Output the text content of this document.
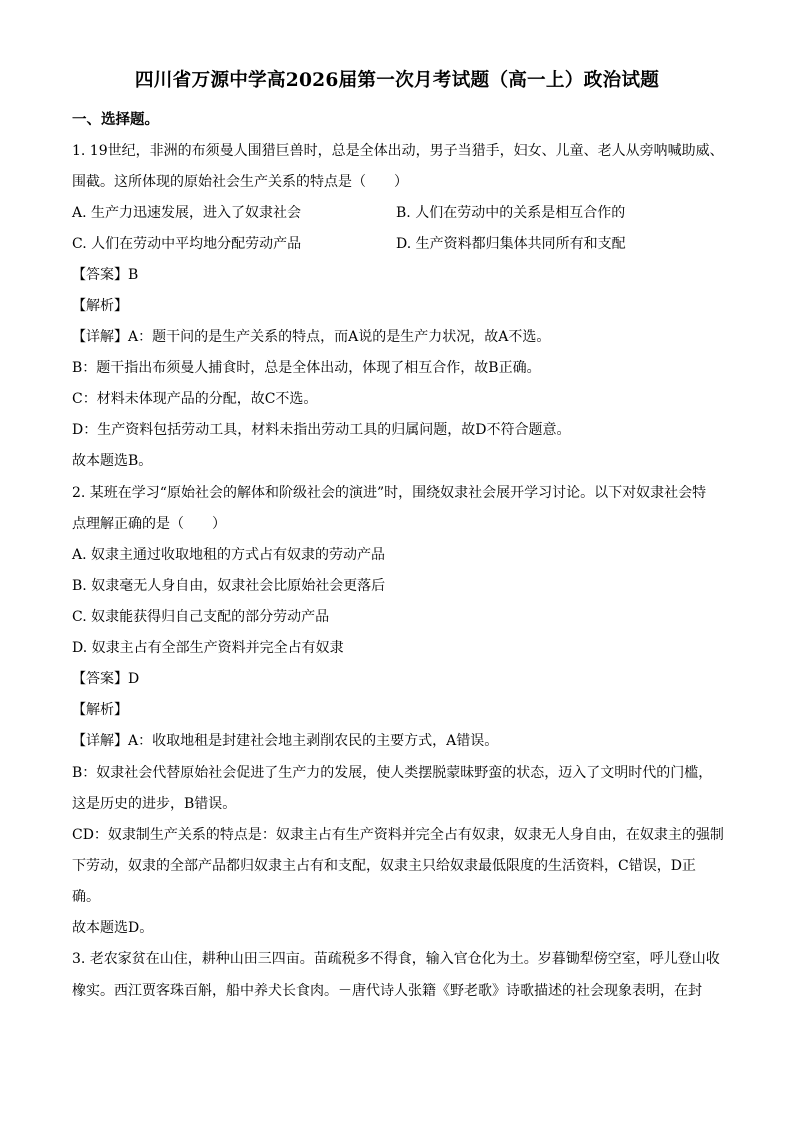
四川省万源中学高2026届第一次月考试题（高一上）政治试题
一、选择题。
1. 19世纪，非洲的布须曼人围猎巨兽时，总是全体出动，男子当猎手，妇女、儿童、老人从旁呐喊助威、
围截。这所体现的原始社会生产关系的特点是（　　）
A. 生产力迅速发展，进入了奴隶社会	B. 人们在劳动中的关系是相互合作的
C. 人们在劳动中平均地分配劳动产品	D. 生产资料都归集体共同所有和支配
【答案】B
【解析】
【详解】A：题干问的是生产关系的特点，而A说的是生产力状况，故A不选。
B：题干指出布须曼人捕食时，总是全体出动，体现了相互合作，故B正确。
C：材料未体现产品的分配，故C不选。
D：生产资料包括劳动工具，材料未指出劳动工具的归属问题，故D不符合题意。
故本题选B。
2. 某班在学习“原始社会的解体和阶级社会的演进”时，围绕奴隶社会展开学习讨论。以下对奴隶社会特
点理解正确的是（　　）
A. 奴隶主通过收取地租的方式占有奴隶的劳动产品
B. 奴隶毫无人身自由，奴隶社会比原始社会更落后
C. 奴隶能获得归自己支配的部分劳动产品
D. 奴隶主占有全部生产资料并完全占有奴隶
【答案】D
【解析】
【详解】A：收取地租是封建社会地主剥削农民的主要方式，A错误。
B：奴隶社会代替原始社会促进了生产力的发展，使人类摆脱蒙昧野蛮的状态，迈入了文明时代的门槛，
这是历史的进步，B错误。
CD：奴隶制生产关系的特点是：奴隶主占有生产资料并完全占有奴隶，奴隶无人身自由，在奴隶主的强制
下劳动，奴隶的全部产品都归奴隶主占有和支配，奴隶主只给奴隶最低限度的生活资料，C错误，D正
确。
故本题选D。
3. 老农家贫在山住，耕种山田三四亩。苗疏税多不得食，输入官仓化为土。岁暮锄犁傍空室，呼儿登山收
橡实。西江贾客珠百斛，船中养犬长食肉。－唐代诗人张籍《野老歌》诗歌描述的社会现象表明，在封
